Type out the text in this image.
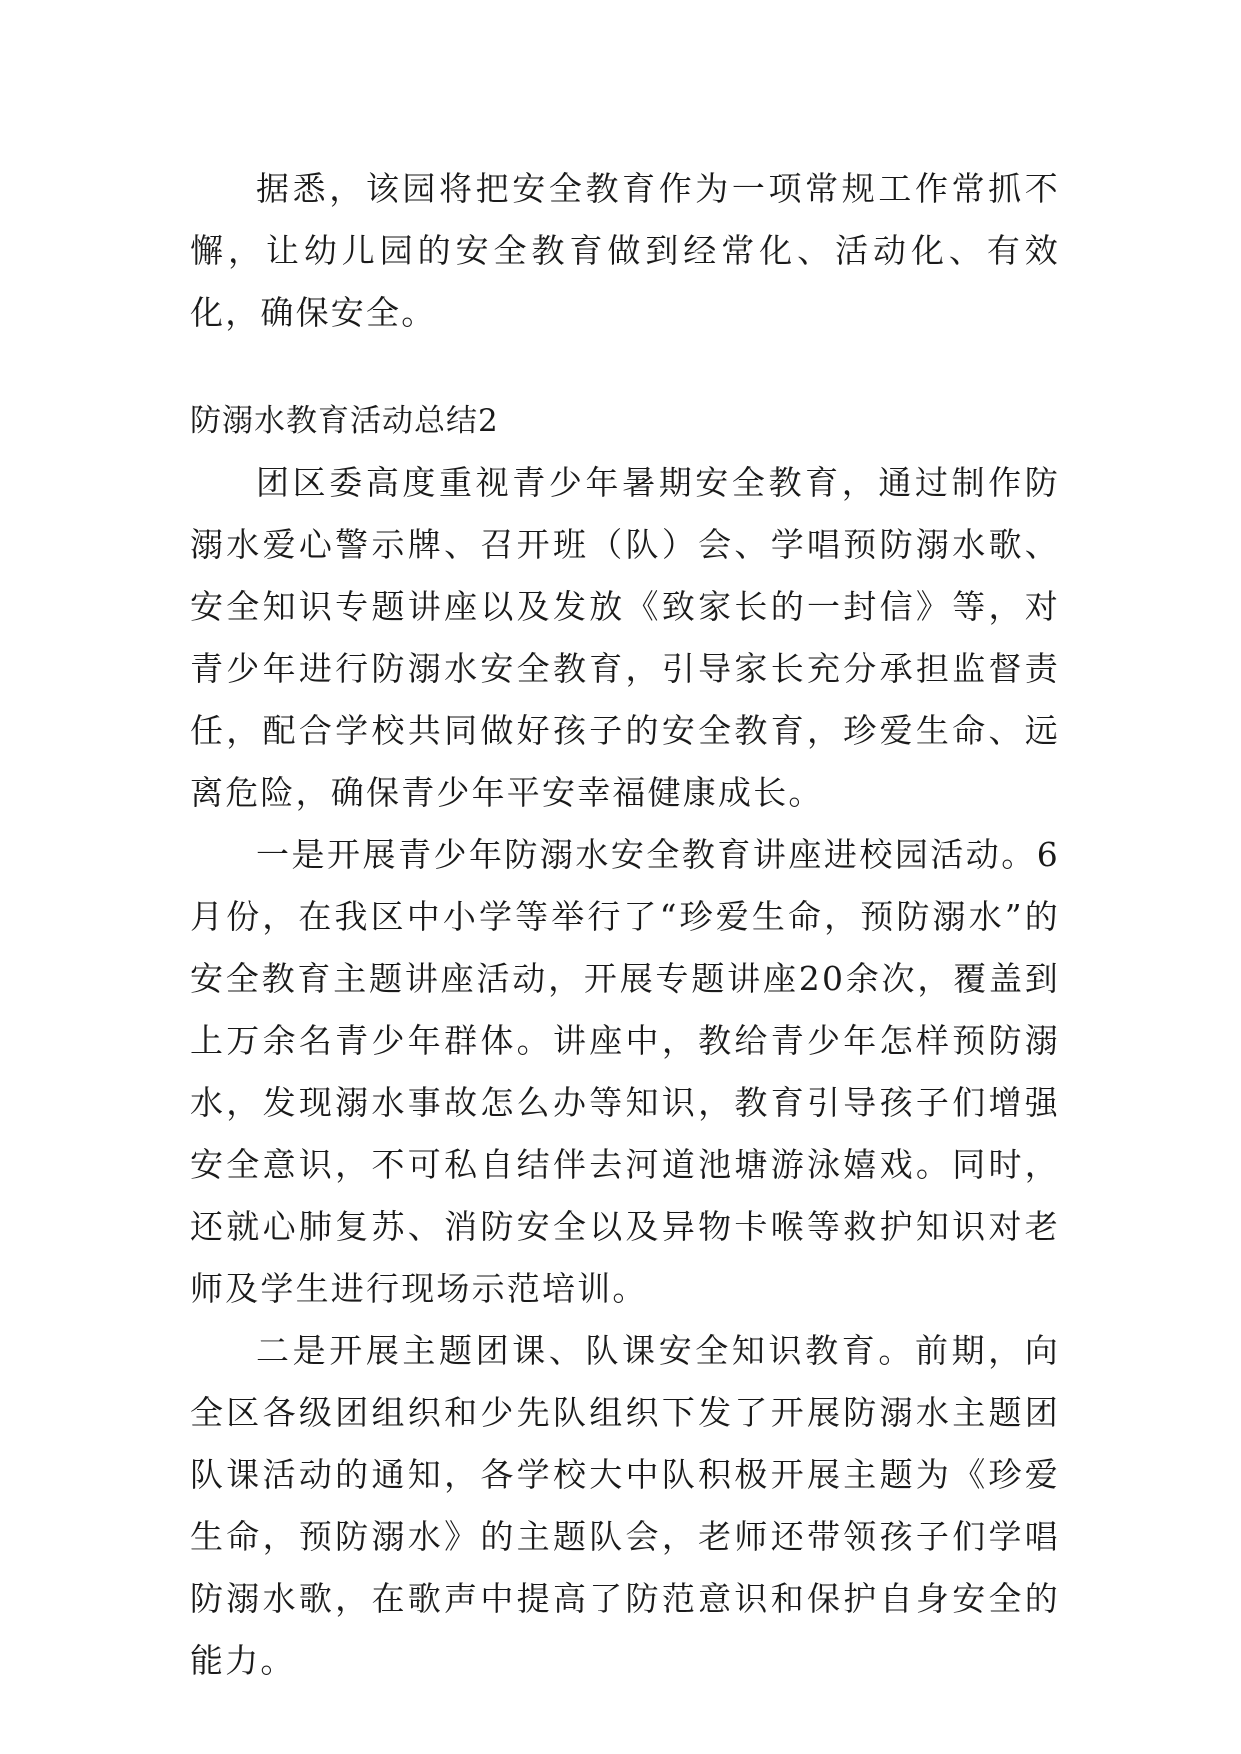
据悉，该园将把安全教育作为一项常规工作常抓不懈，让幼儿园的安全教育做到经常化、活动化、有效化，确保安全。

防溺水教育活动总结2

团区委高度重视青少年暑期安全教育，通过制作防溺水爱心警示牌、召开班（队）会、学唱预防溺水歌、安全知识专题讲座以及发放《致家长的一封信》等，对青少年进行防溺水安全教育，引导家长充分承担监督责任，配合学校共同做好孩子的安全教育，珍爱生命、远离危险，确保青少年平安幸福健康成长。

一是开展青少年防溺水安全教育讲座进校园活动。6月份，在我区中小学等举行了“珍爱生命，预防溺水”的安全教育主题讲座活动，开展专题讲座20余次，覆盖到上万余名青少年群体。讲座中，教给青少年怎样预防溺水，发现溺水事故怎么办等知识，教育引导孩子们增强安全意识，不可私自结伴去河道池塘游泳嬉戏。同时，还就心肺复苏、消防安全以及异物卡喉等救护知识对老师及学生进行现场示范培训。

二是开展主题团课、队课安全知识教育。前期，向全区各级团组织和少先队组织下发了开展防溺水主题团队课活动的通知，各学校大中队积极开展主题为《珍爱生命，预防溺水》的主题队会，老师还带领孩子们学唱防溺水歌，在歌声中提高了防范意识和保护自身安全的能力。
